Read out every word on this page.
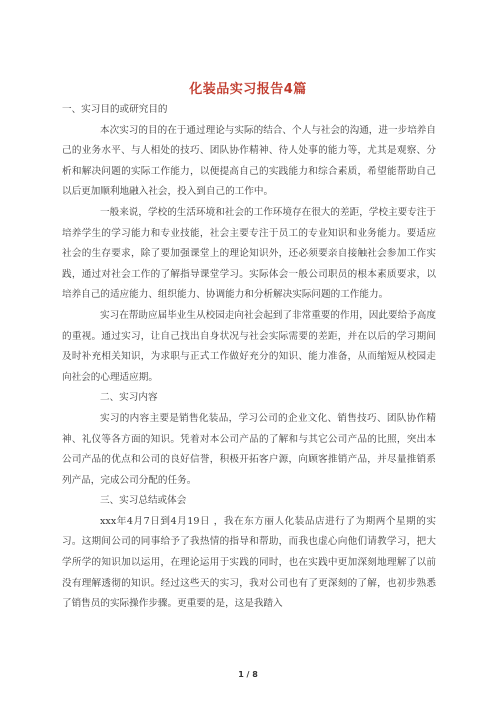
化装品实习报告4篇

一、实习目的或研究目的

本次实习的目的在于通过理论与实际的结合、个人与社会的沟通，进一步培养自己的业务水平、与人相处的技巧、团队协作精神、待人处事的能力等，尤其是观察、分析和解决问题的实际工作能力，以便提高自己的实践能力和综合素质，希望能帮助自己以后更加顺利地融入社会，投入到自己的工作中。

一般来说，学校的生活环境和社会的工作环境存在很大的差距，学校主要专注于培养学生的学习能力和专业技能，社会主要专注于员工的专业知识和业务能力。要适应社会的生存要求，除了要加强课堂上的理论知识外，还必须要亲自接触社会参加工作实践，通过对社会工作的了解指导课堂学习。实际体会一般公司职员的根本素质要求，以培养自己的适应能力、组织能力、协调能力和分析解决实际问题的工作能力。

实习在帮助应届毕业生从校园走向社会起到了非常重要的作用，因此要给予高度的重视。通过实习，让自己找出自身状况与社会实际需要的差距，并在以后的学习期间及时补充相关知识，为求职与正式工作做好充分的知识、能力准备，从而缩短从校园走向社会的心理适应期。

二、实习内容

实习的内容主要是销售化装品，学习公司的企业文化、销售技巧、团队协作精神、礼仪等各方面的知识。凭着对本公司产品的了解和与其它公司产品的比照，突出本公司产品的优点和公司的良好信誉，积极开拓客户源，向顾客推销产品，并尽量推销系列产品，完成公司分配的任务。

三、实习总结或体会

xxx年4月7日到4月19日 ，我在东方丽人化装品店进行了为期两个星期的实习。这期间公司的同事给予了我热情的指导和帮助，而我也虚心向他们请教学习，把大学所学的知识加以运用，在理论运用于实践的同时，也在实践中更加深刻地理解了以前没有理解透彻的知识。经过这些天的实习，我对公司也有了更深刻的了解，也初步熟悉了销售员的实际操作步骤。更重要的是，这是我踏入

1 / 8
